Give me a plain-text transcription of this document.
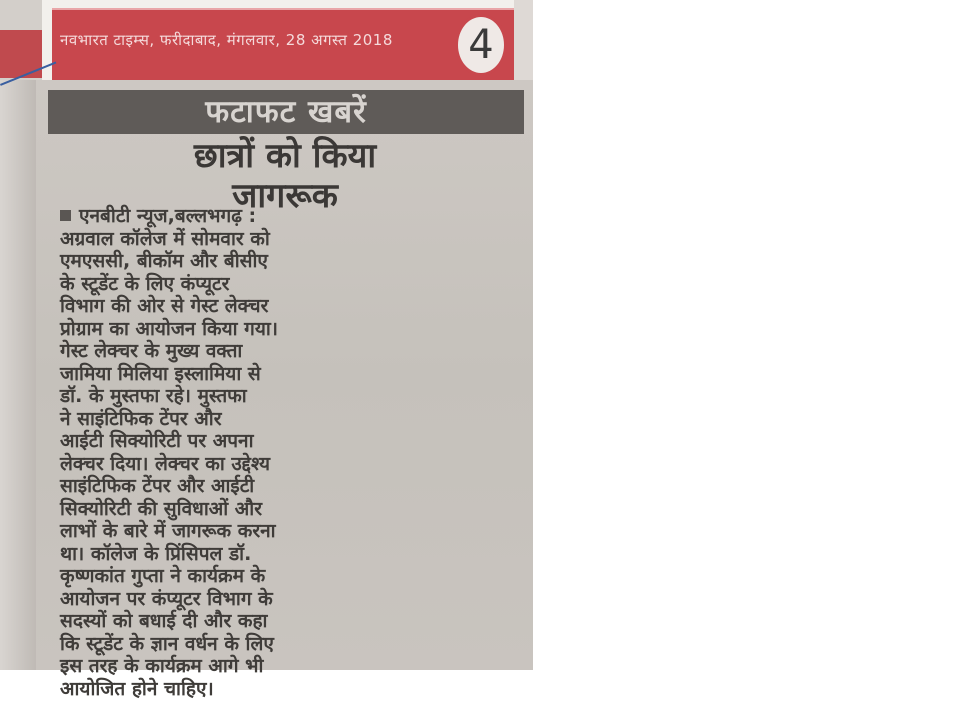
नवभारत टाइम्स, फरीदाबाद, मंगलवार, 28 अगस्त 2018	4
फटाफट खबरें
छात्रों को किया
जागरूक
एनबीटी न्यूज,बल्लभगढ़ :
अग्रवाल कॉलेज में सोमवार को
एमएससी, बीकॉम और बीसीए
के स्टूडेंट के लिए कंप्यूटर
विभाग की ओर से गेस्ट लेक्चर
प्रोग्राम का आयोजन किया गया।
गेस्ट लेक्चर के मुख्य वक्ता
जामिया मिलिया इस्लामिया से
डॉ. के मुस्तफा रहे। मुस्तफा
ने साइंटिफिक टेंपर और
आईटी सिक्योरिटी पर अपना
लेक्चर दिया। लेक्चर का उद्देश्य
साइंटिफिक टेंपर और आईटी
सिक्योरिटी की सुविधाओं और
लाभों के बारे में जागरूक करना
था। कॉलेज के प्रिंसिपल डॉ.
कृष्णकांत गुप्ता ने कार्यक्रम के
आयोजन पर कंप्यूटर विभाग के
सदस्यों को बधाई दी और कहा
कि स्टूडेंट के ज्ञान वर्धन के लिए
इस तरह के कार्यक्रम आगे भी
आयोजित होने चाहिए।
